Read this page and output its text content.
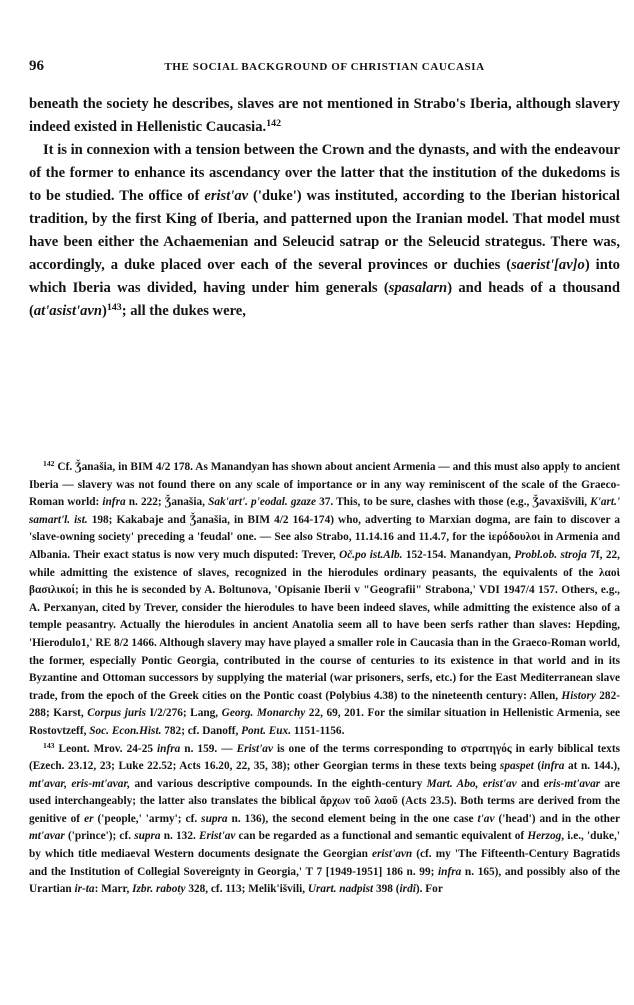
96	THE SOCIAL BACKGROUND OF CHRISTIAN CAUCASIA

beneath the society he describes, slaves are not mentioned in Strabo's Iberia, although slavery indeed existed in Hellenistic Caucasia.$^{142}$

It is in connexion with a tension between the Crown and the dynasts, and with the endeavour of the former to enhance its ascendancy over the latter that the institution of the dukedoms is to be studied. The office of erist'av ('duke') was instituted, according to the Iberian historical tradition, by the first King of Iberia, and patterned upon the Iranian model. That model must have been either the Achaemenian and Seleucid satrap or the Seleucid strategus. There was, accordingly, a duke placed over each of the several provinces or duchies (saerist'[av]o) into which Iberia was divided, having under him generals (spasalarn) and heads of a thousand (at'asist'avn)$^{143}$; all the dukes were,

$^{142}$ Cf. Ǯanašia, in BIM 4/2 178. As Manandyan has shown about ancient Armenia — and this must also apply to ancient Iberia — slavery was not found there on any scale of importance or in any way reminiscent of the scale of the Graeco-Roman world: infra n. 222; Ǯanašia, Sak'art'. p'eodal. gzaze 37. This, to be sure, clashes with those (e.g., Ǯavaxišvili, K'art.' samart'l. ist. 198; Kakabaje and Ǯanašia, in BIM 4/2 164-174) who, adverting to Marxian dogma, are fain to discover a 'slave-owning society' preceding a 'feudal' one. — See also Strabo, 11.14.16 and 11.4.7, for the ἱερόδουλοι in Armenia and Albania. Their exact status is now very much disputed: Trever, Oč.po ist.Alb. 152-154. Manandyan, Probl.ob. stroja 7f, 22, while admitting the existence of slaves, recognized in the hierodules ordinary peasants, the equivalents of the λαοὶ βασιλικοί; in this he is seconded by A. Boltunova, 'Opisanie Iberii v "Geografii" Strabona,' VDI 1947/4 157. Others, e.g., A. Perxanyan, cited by Trever, consider the hierodules to have been indeed slaves, while admitting the existence also of a temple peasantry. Actually the hierodules in ancient Anatolia seem all to have been serfs rather than slaves: Hepding, 'Hierodulo1,' RE 8/2 1466. Although slavery may have played a smaller role in Caucasia than in the Graeco-Roman world, the former, especially Pontic Georgia, contributed in the course of centuries to its existence in that world and in its Byzantine and Ottoman successors by supplying the material (war prisoners, serfs, etc.) for the East Mediterranean slave trade, from the epoch of the Greek cities on the Pontic coast (Polybius 4.38) to the nineteenth century: Allen, History 282-288; Karst, Corpus juris I/2/276; Lang, Georg. Monarchy 22, 69, 201. For the similar situation in Hellenistic Armenia, see Rostovtzeff, Soc. Econ.Hist. 782; cf. Danoff, Pont. Eux. 1151-1156.

$^{143}$ Leont. Mrov. 24-25 infra n. 159. — Erist'av is one of the terms corresponding to στρατηγός in early biblical texts (Ezech. 23.12, 23; Luke 22.52; Acts 16.20, 22, 35, 38); other Georgian terms in these texts being spaspet (infra at n. 144.), mt'avar, eris-mt'avar, and various descriptive compounds. In the eighth-century Mart. Abo, erist'av and eris-mt'avar are used interchangeably; the latter also translates the biblical ἄρχων τοῦ λαοῦ (Acts 23.5). Both terms are derived from the genitive of er ('people,' 'army'; cf. supra n. 136), the second element being in the one case t'av ('head') and in the other mt'avar ('prince'); cf. supra n. 132. Erist'av can be regarded as a functional and semantic equivalent of Herzog, i.e., 'duke,' by which title mediaeval Western documents designate the Georgian erist'avn (cf. my 'The Fifteenth-Century Bagratids and the Institution of Collegial Sovereignty in Georgia,' T 7 [1949-1951] 186 n. 99; infra n. 165), and possibly also of the Urartian ir-ta: Marr, Izbr. raboty 328, cf. 113; Melik'išvili, Urart. nadpist 398 (irdi). For
